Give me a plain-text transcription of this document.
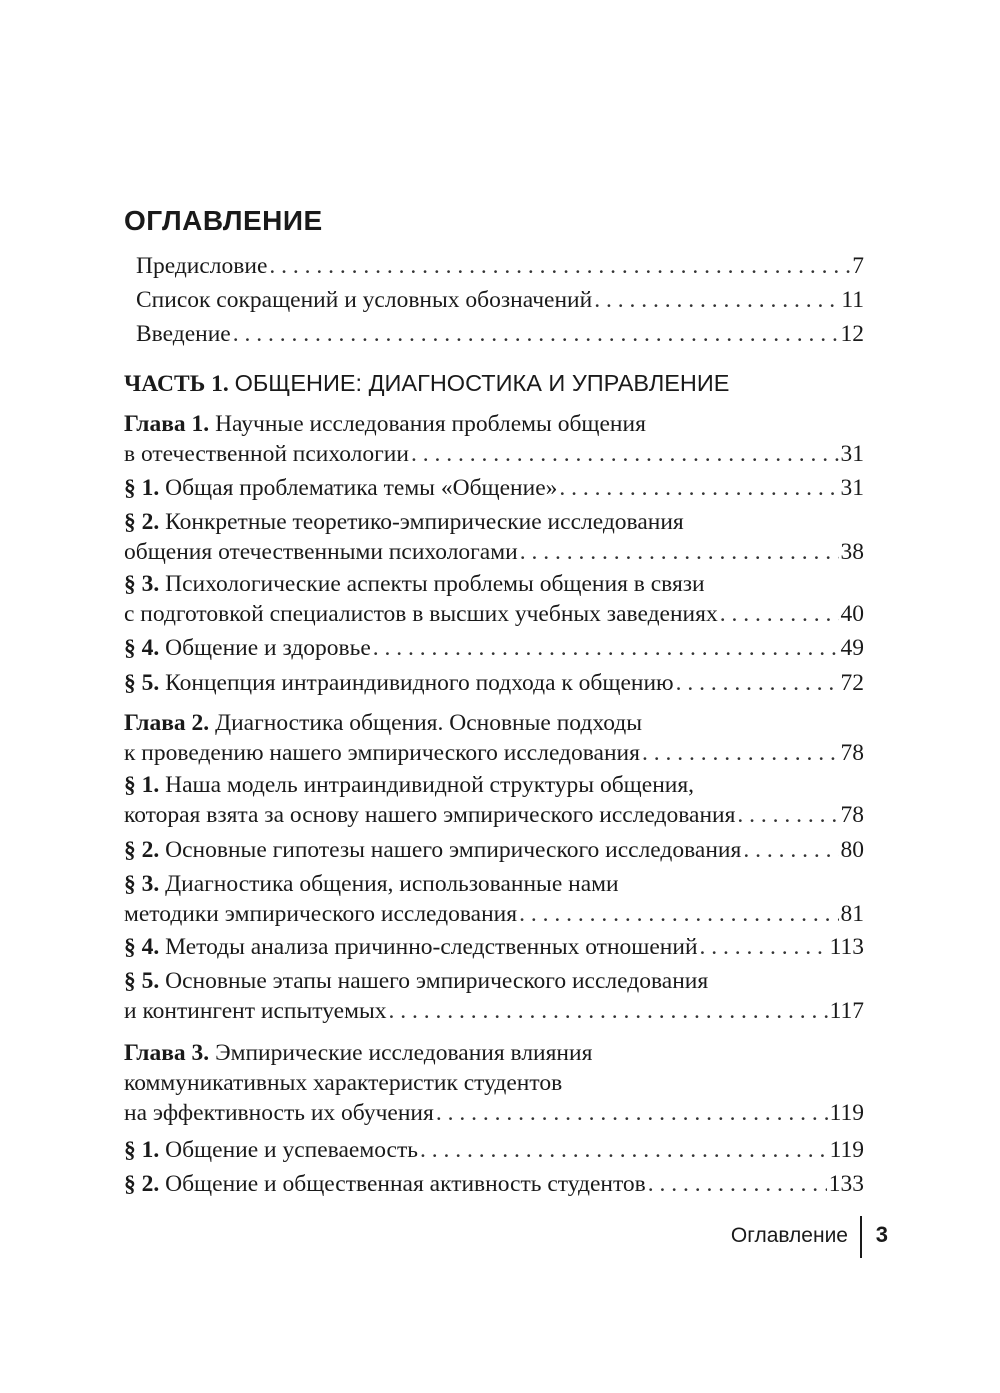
ОГЛАВЛЕНИЕ
Предисловие . . .	7
Список сокращений и условных обозначений . . .	11
Введение . . .	12
ЧАСТЬ 1. ОБЩЕНИЕ: ДИАГНОСТИКА И УПРАВЛЕНИЕ
Глава 1. Научные исследования проблемы общения
в отечественной психологии . . .	31
§ 1. Общая проблематика темы «Общение» . . .	31
§ 2. Конкретные теоретико-эмпирические исследования
общения отечественными психологами . . .	38
§ 3. Психологические аспекты проблемы общения в связи
с подготовкой специалистов в высших учебных заведениях . . .	40
§ 4. Общение и здоровье . . .	49
§ 5. Концепция интраиндивидного подхода к общению . . .	72
Глава 2. Диагностика общения. Основные подходы
к проведению нашего эмпирического исследования . . .	78
§ 1. Наша модель интраиндивидной структуры общения,
которая взята за основу нашего эмпирического исследования . . .	78
§ 2. Основные гипотезы нашего эмпирического исследования . . .	80
§ 3. Диагностика общения, использованные нами
методики эмпирического исследования . . .	81
§ 4. Методы анализа причинно-следственных отношений . . .	113
§ 5. Основные этапы нашего эмпирического исследования
и контингент испытуемых . . .	117
Глава 3. Эмпирические исследования влияния
коммуникативных характеристик студентов
на эффективность их обучения . . .	119
§ 1. Общение и успеваемость . . .	119
§ 2. Общение и общественная активность студентов . . .	133
Оглавление 3
